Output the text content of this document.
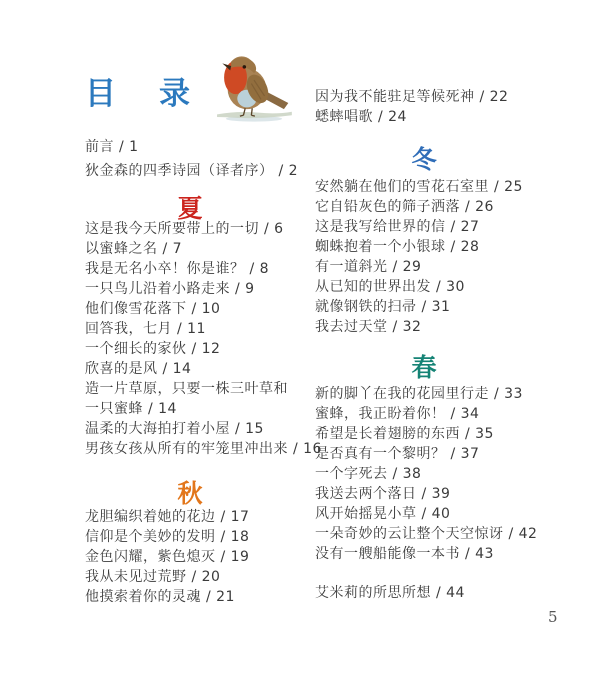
目　录
前言 / 1
狄金森的四季诗园（译者序） / 2
夏
这是我今天所要带上的一切 / 6
以蜜蜂之名 / 7
我是无名小卒！你是谁？ / 8
一只鸟儿沿着小路走来 / 9
他们像雪花落下 / 10
回答我，七月 / 11
一个细长的家伙 / 12
欣喜的是风 / 14
造一片草原，只要一株三叶草和
一只蜜蜂 / 14
温柔的大海拍打着小屋 / 15
男孩女孩从所有的牢笼里冲出来 / 16
秋
龙胆编织着她的花边 / 17
信仰是个美妙的发明 / 18
金色闪耀，紫色熄灭 / 19
我从未见过荒野 / 20
他摸索着你的灵魂 / 21
因为我不能驻足等候死神 / 22
蟋蟀唱歌 / 24
冬
安然躺在他们的雪花石室里 / 25
它自铅灰色的筛子洒落 / 26
这是我写给世界的信 / 27
蜘蛛抱着一个小银球 / 28
有一道斜光 / 29
从已知的世界出发 / 30
就像钢铁的扫帚 / 31
我去过天堂 / 32
春
新的脚丫在我的花园里行走 / 33
蜜蜂，我正盼着你！ / 34
希望是长着翅膀的东西 / 35
是否真有一个黎明？ / 37
一个字死去 / 38
我送去两个落日 / 39
风开始摇晃小草 / 40
一朵奇妙的云让整个天空惊讶 / 42
没有一艘船能像一本书 / 43
艾米莉的所思所想 / 44
5
